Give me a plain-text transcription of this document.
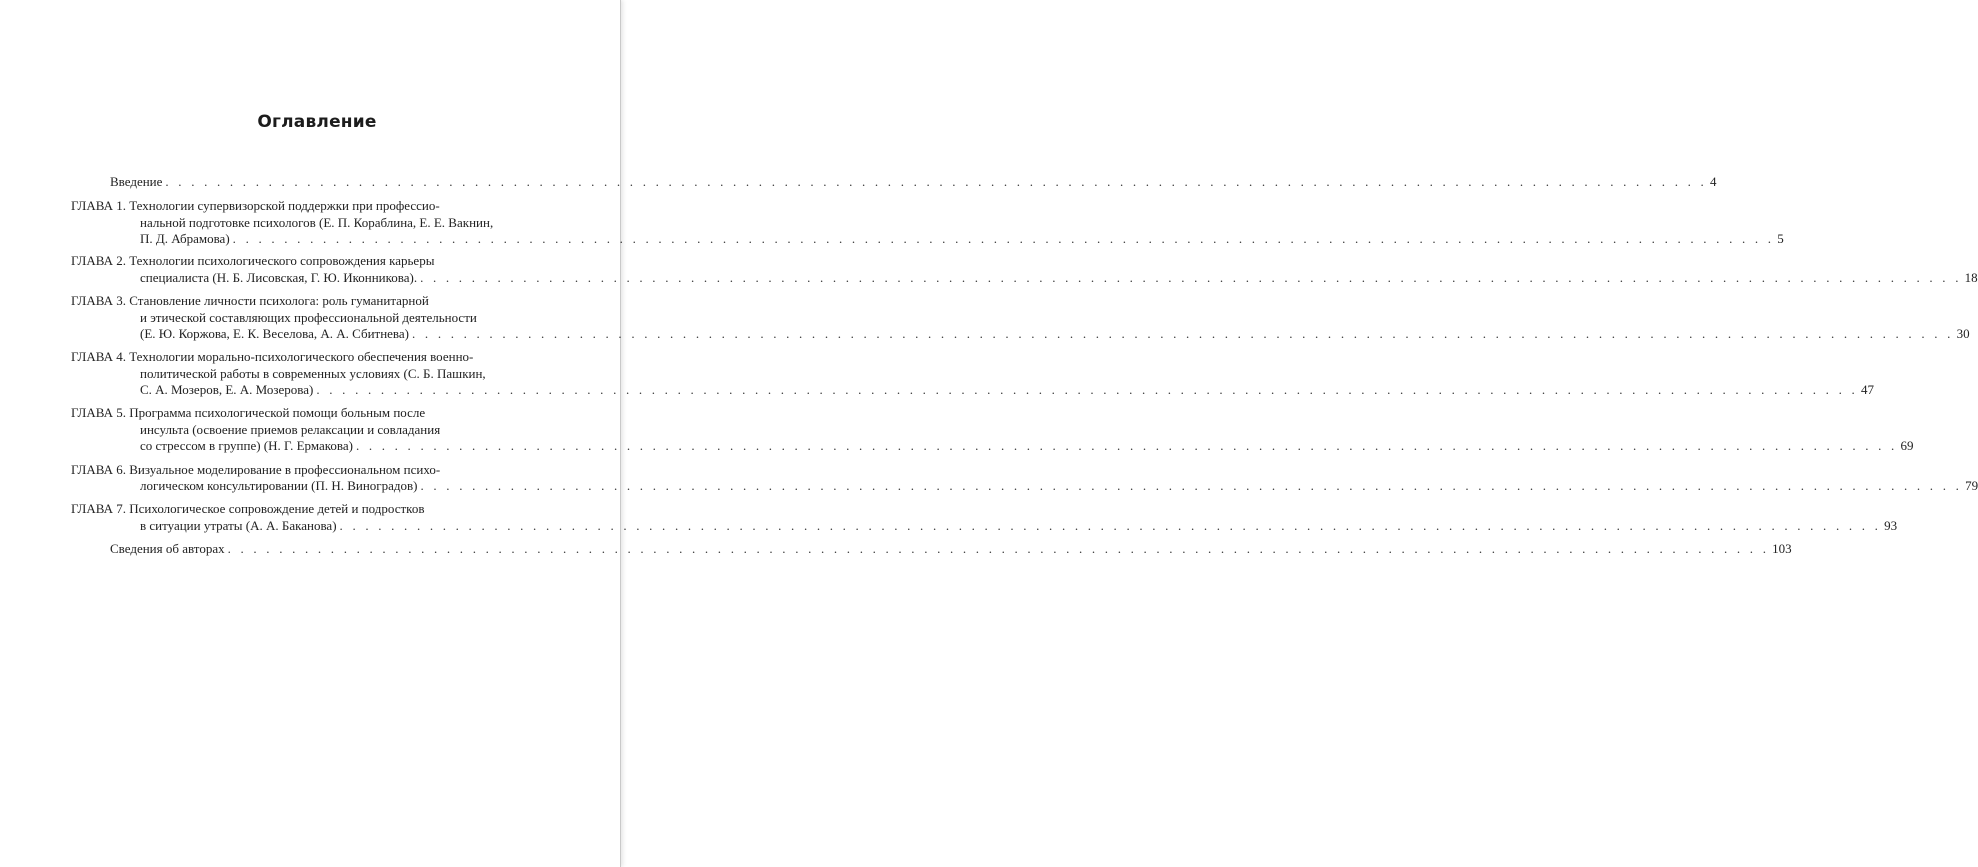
Оглавление
Введение . . . . . . . . . . . . . . . . . . . . . . . . . . . . . . . . . . . . . . . . . . . . . . . . . . . . . . . . . . . . . . . . . . . . . . . . . . . . . . . . . . . . . . . . . . . . . . . . . . . . . . . . . . . . . . . . . . . . . . . . 4
ГЛАВА 1. Технологии супервизорской поддержки при профессио-
нальной подготовке психологов (Е. П. Кораблина, Е. Е. Вакнин,
П. Д. Абрамова) . . . . . . . . . . . . . . . . . . . . . . . . . . . . . . . . . . . . . . . . . . . . . . . . . . . . . . . . . . . . . . . . . . . . . . . . . . . . . . . . . . . . . . . . . . . . . . . . . . . . . . . . . . . . . . . . . . . . . . . . 5
ГЛАВА 2. Технологии психологического сопровождения карьеры
специалиста (Н. Б. Лисовская, Г. Ю. Иконникова). . . . . . . . . . . . . . . . . . . . . . . . . . . . . . . . . . . . . . . . . . . . . . . . . . . . . . . . . . . . . . . . . . . . . . . . . . . . . . . . . . . . . . . . . . . . . . . . . . . . . . . . . . . . . . . . . . . . . . . . . 18
ГЛАВА 3. Становление личности психолога: роль гуманитарной
и этической составляющих профессиональной деятельности
(Е. Ю. Коржова, Е. К. Веселова, А. А. Сбитнева) . . . . . . . . . . . . . . . . . . . . . . . . . . . . . . . . . . . . . . . . . . . . . . . . . . . . . . . . . . . . . . . . . . . . . . . . . . . . . . . . . . . . . . . . . . . . . . . . . . . . . . . . . . . . . . . . . . . . . . . . 30
ГЛАВА 4. Технологии морально-психологического обеспечения военно-
политической работы в современных условиях (С. Б. Пашкин,
С. А. Мозеров, Е. А. Мозерова) . . . . . . . . . . . . . . . . . . . . . . . . . . . . . . . . . . . . . . . . . . . . . . . . . . . . . . . . . . . . . . . . . . . . . . . . . . . . . . . . . . . . . . . . . . . . . . . . . . . . . . . . . . . . . . . . . . . . . . . . 47
ГЛАВА 5. Программа психологической помощи больным после
инсульта (освоение приемов релаксации и совладания
со стрессом в группе) (Н. Г. Ермакова) . . . . . . . . . . . . . . . . . . . . . . . . . . . . . . . . . . . . . . . . . . . . . . . . . . . . . . . . . . . . . . . . . . . . . . . . . . . . . . . . . . . . . . . . . . . . . . . . . . . . . . . . . . . . . . . . . . . . . . . . 69
ГЛАВА 6. Визуальное моделирование в профессиональном психо-
логическом консультировании (П. Н. Виноградов) . . . . . . . . . . . . . . . . . . . . . . . . . . . . . . . . . . . . . . . . . . . . . . . . . . . . . . . . . . . . . . . . . . . . . . . . . . . . . . . . . . . . . . . . . . . . . . . . . . . . . . . . . . . . . . . . . . . . . . . . 79
ГЛАВА 7. Психологическое сопровождение детей и подростков
в ситуации утраты (А. А. Баканова) . . . . . . . . . . . . . . . . . . . . . . . . . . . . . . . . . . . . . . . . . . . . . . . . . . . . . . . . . . . . . . . . . . . . . . . . . . . . . . . . . . . . . . . . . . . . . . . . . . . . . . . . . . . . . . . . . . . . . . . . 93
Сведения об авторах . . . . . . . . . . . . . . . . . . . . . . . . . . . . . . . . . . . . . . . . . . . . . . . . . . . . . . . . . . . . . . . . . . . . . . . . . . . . . . . . . . . . . . . . . . . . . . . . . . . . . . . . . . . . . . . . . . . . . . . . 103
